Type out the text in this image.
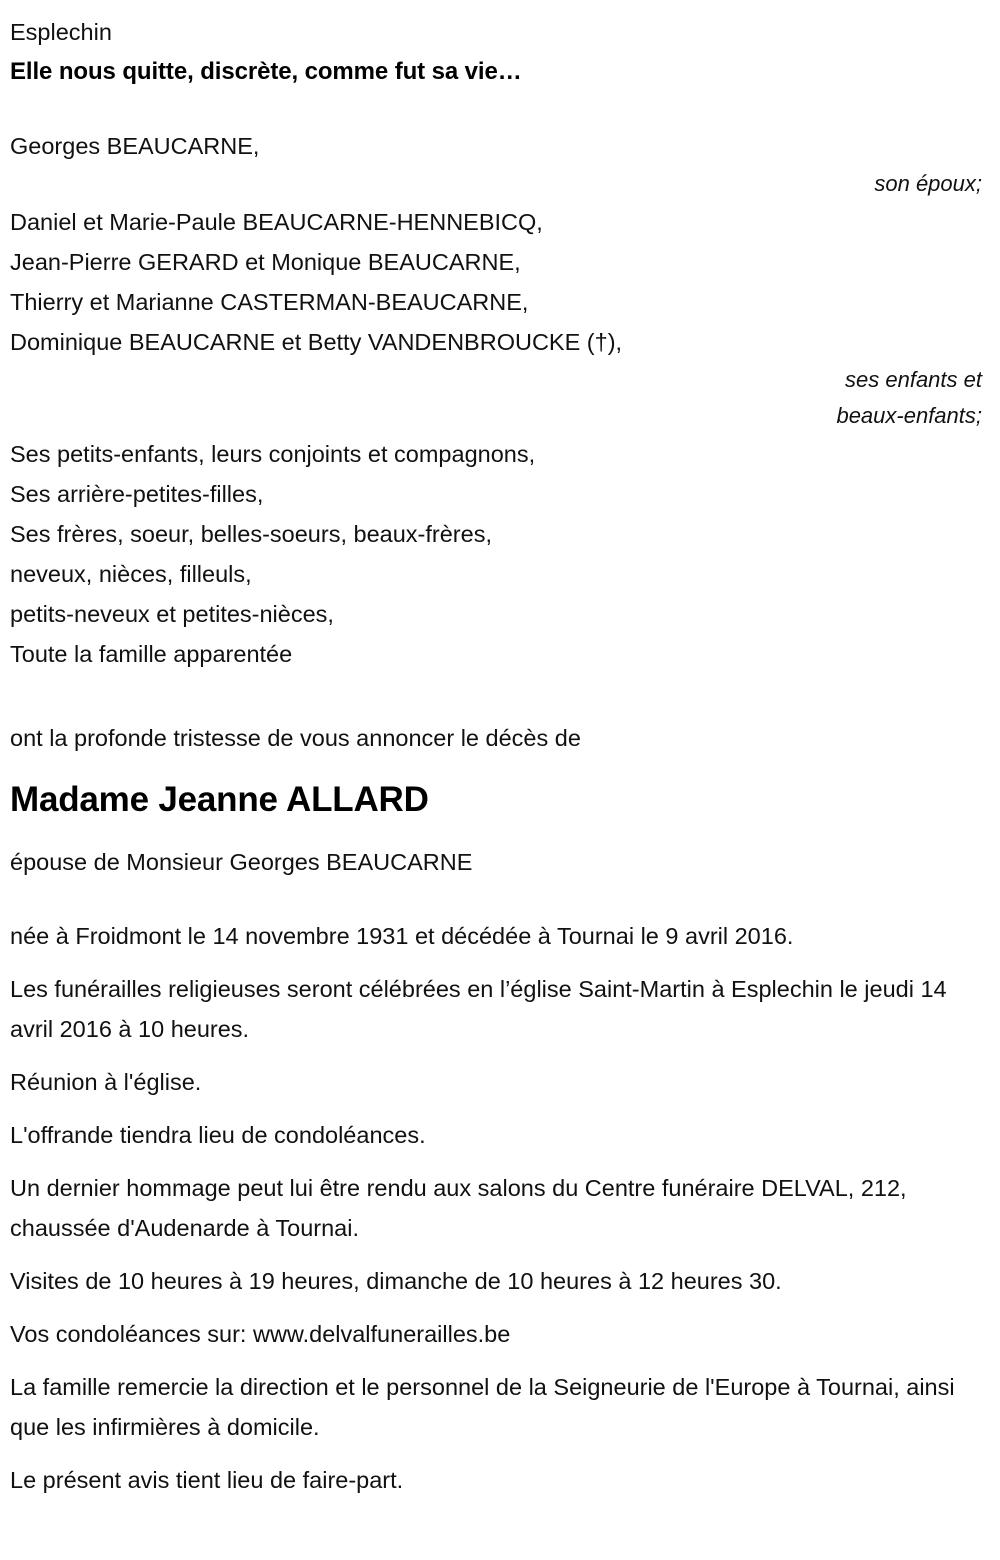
Esplechin
Elle nous quitte, discrète, comme fut sa vie…
Georges BEAUCARNE,
son époux;
Daniel et Marie-Paule BEAUCARNE-HENNEBICQ,
Jean-Pierre GERARD et Monique BEAUCARNE,
Thierry et Marianne CASTERMAN-BEAUCARNE,
Dominique BEAUCARNE et Betty VANDENBROUCKE (†),
ses enfants et
beaux-enfants;
Ses petits-enfants, leurs conjoints et compagnons,
Ses arrière-petites-filles,
Ses frères, soeur, belles-soeurs, beaux-frères,
neveux, nièces, filleuls,
petits-neveux et petites-nièces,
Toute la famille apparentée
ont la profonde tristesse de vous annoncer le décès de
Madame Jeanne ALLARD
épouse de Monsieur Georges BEAUCARNE
née à Froidmont le 14 novembre 1931 et décédée à Tournai le 9 avril 2016.
Les funérailles religieuses seront célébrées en l’église Saint-Martin à Esplechin le jeudi 14 avril 2016 à 10 heures.
Réunion à l'église.
L'offrande tiendra lieu de condoléances.
Un dernier hommage peut lui être rendu aux salons du Centre funéraire DELVAL, 212, chaussée d'Audenarde à Tournai.
Visites de 10 heures à 19 heures, dimanche de 10 heures à 12 heures 30.
Vos condoléances sur: www.delvalfunerailles.be
La famille remercie la direction et le personnel de la Seigneurie de l'Europe à Tournai, ainsi que les infirmières à domicile.
Le présent avis tient lieu de faire-part.
